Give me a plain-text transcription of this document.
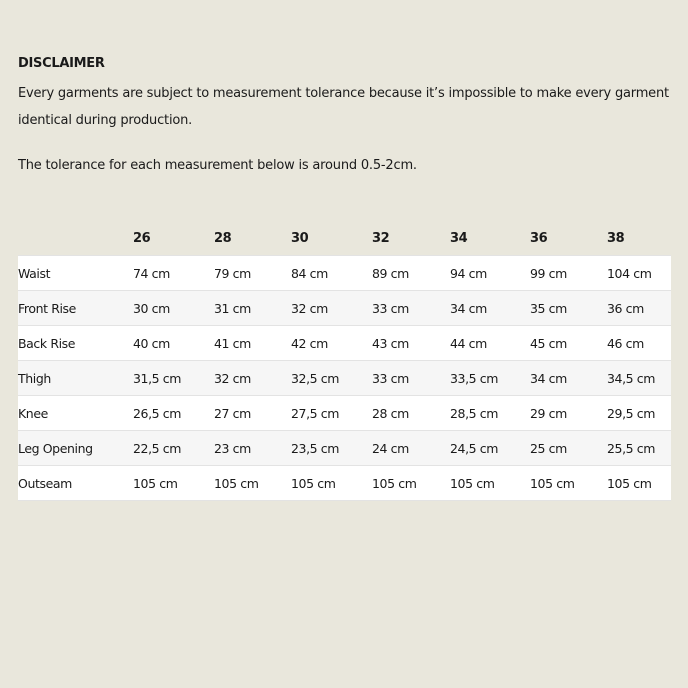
DISCLAIMER

Every garments are subject to measurement tolerance because it’s impossible to make every garment identical during production.

The tolerance for each measurement below is around 0.5-2cm.

	26	28	30	32	34	36	38
Waist	74 cm	79 cm	84 cm	89 cm	94 cm	99 cm	104 cm
Front Rise	30 cm	31 cm	32 cm	33 cm	34 cm	35 cm	36 cm
Back Rise	40 cm	41 cm	42 cm	43 cm	44 cm	45 cm	46 cm
Thigh	31,5 cm	32 cm	32,5 cm	33 cm	33,5 cm	34 cm	34,5 cm
Knee	26,5 cm	27 cm	27,5 cm	28 cm	28,5 cm	29 cm	29,5 cm
Leg Opening	22,5 cm	23 cm	23,5 cm	24 cm	24,5 cm	25 cm	25,5 cm
Outseam	105 cm	105 cm	105 cm	105 cm	105 cm	105 cm	105 cm
